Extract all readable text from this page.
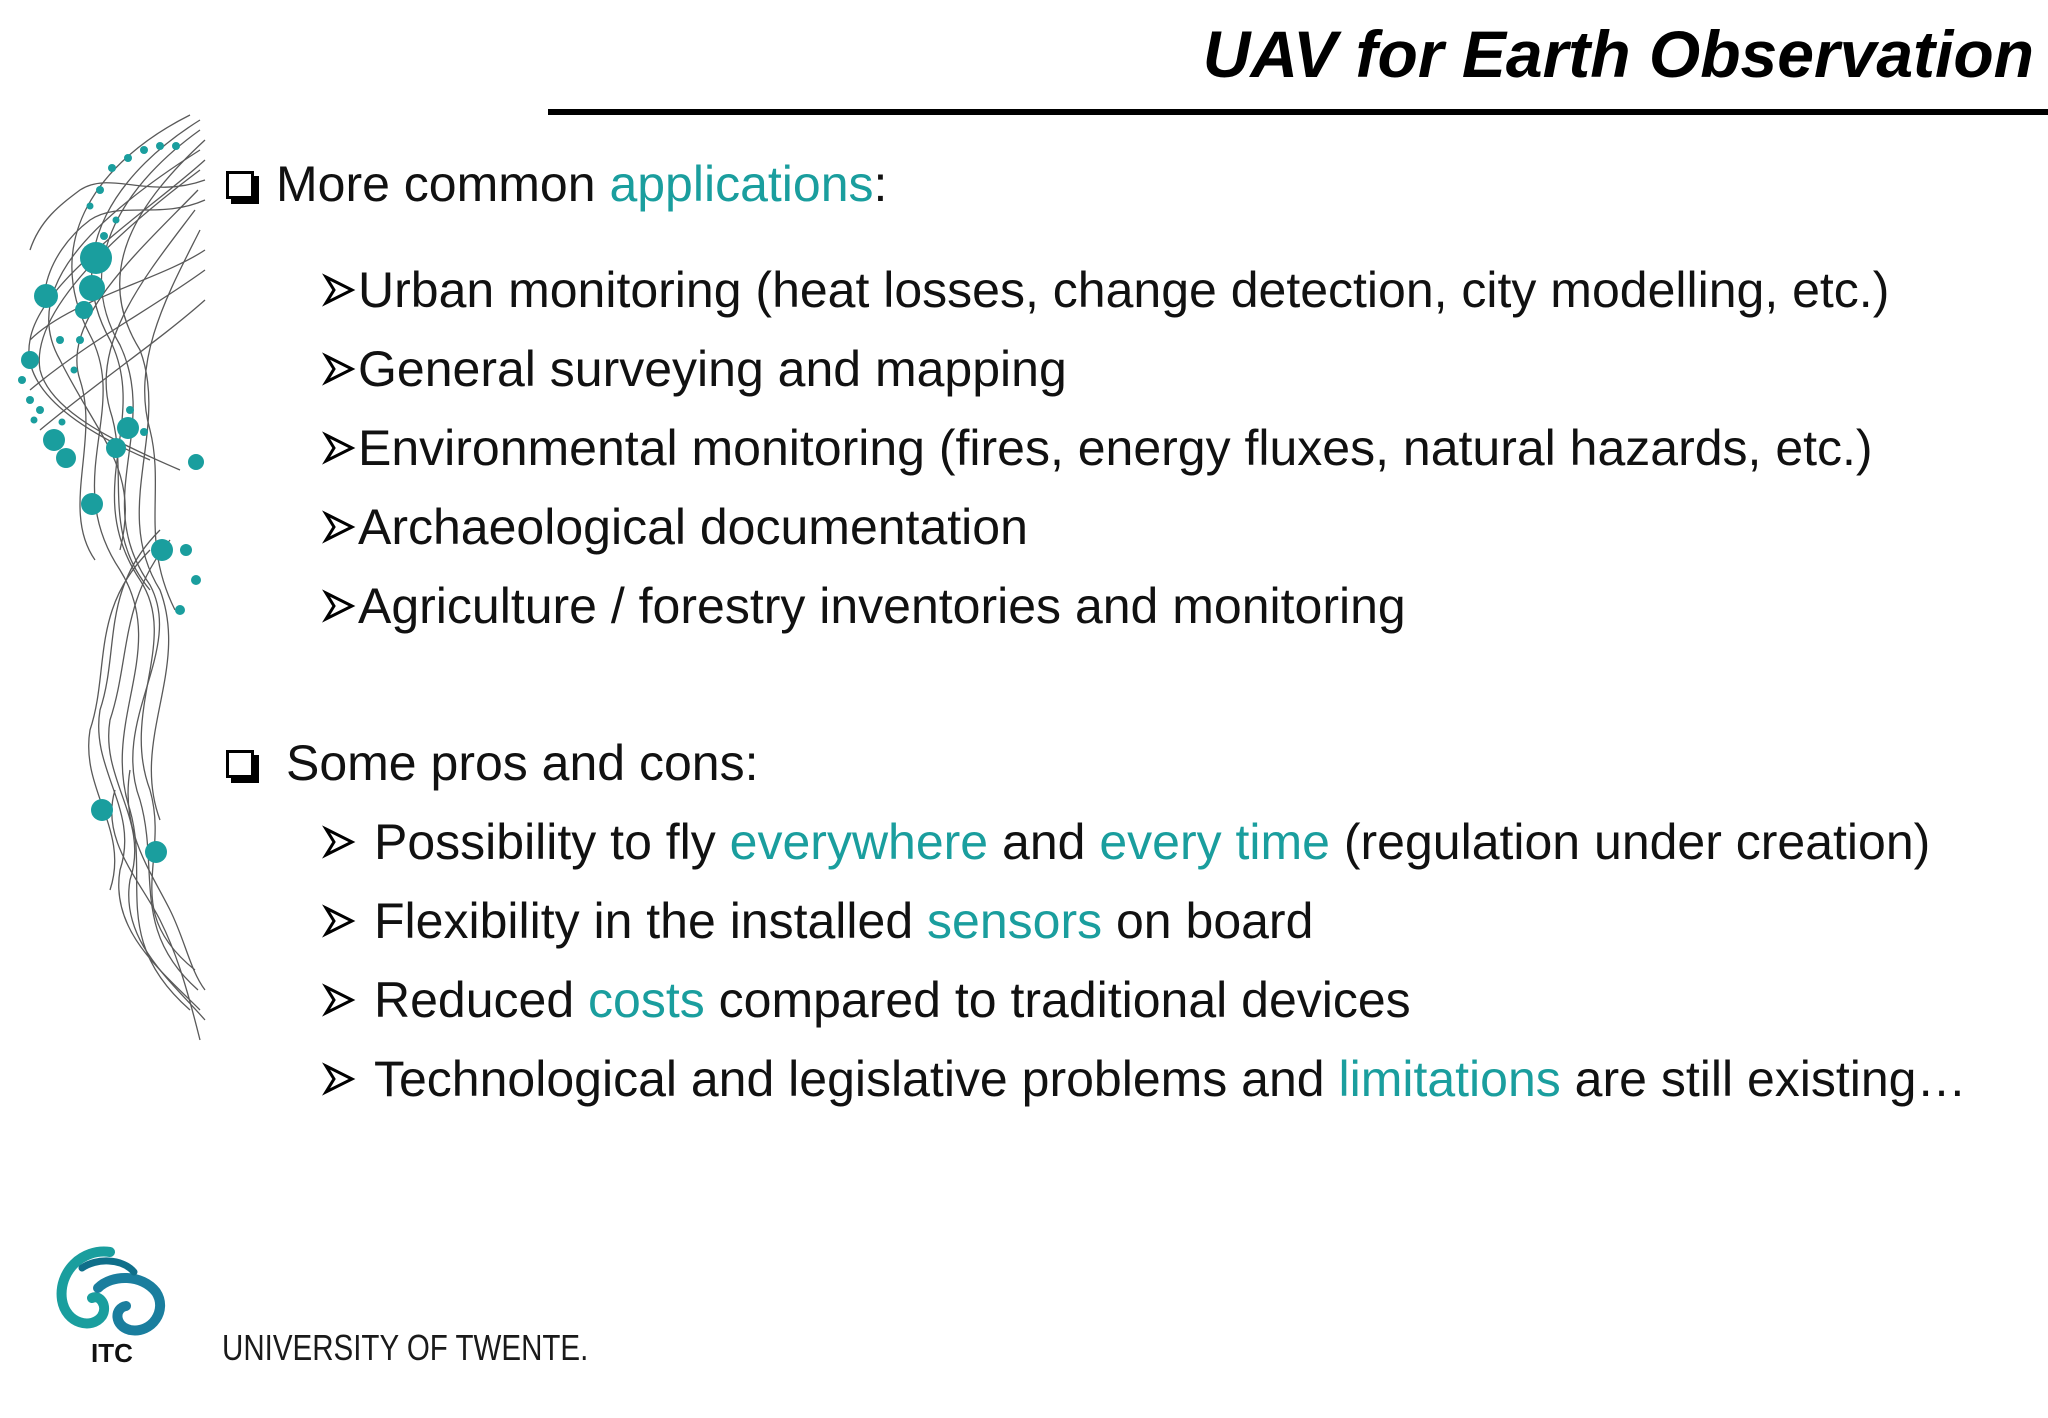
UAV for Earth Observation
More common applications :
Urban monitoring (heat losses, change detection, city modelling, etc.)
General surveying and mapping
Environmental monitoring (fires, energy fluxes, natural hazards, etc.)
Archaeological documentation
Agriculture / forestry inventories and monitoring
Some pros and cons:
Possibility to fly everywhere and every time (regulation under creation)
Flexibility in the installed sensors on board
Reduced costs compared to traditional devices
Technological and legislative problems and limitations are still existing…
ITC UNIVERSITY OF TWENTE.
